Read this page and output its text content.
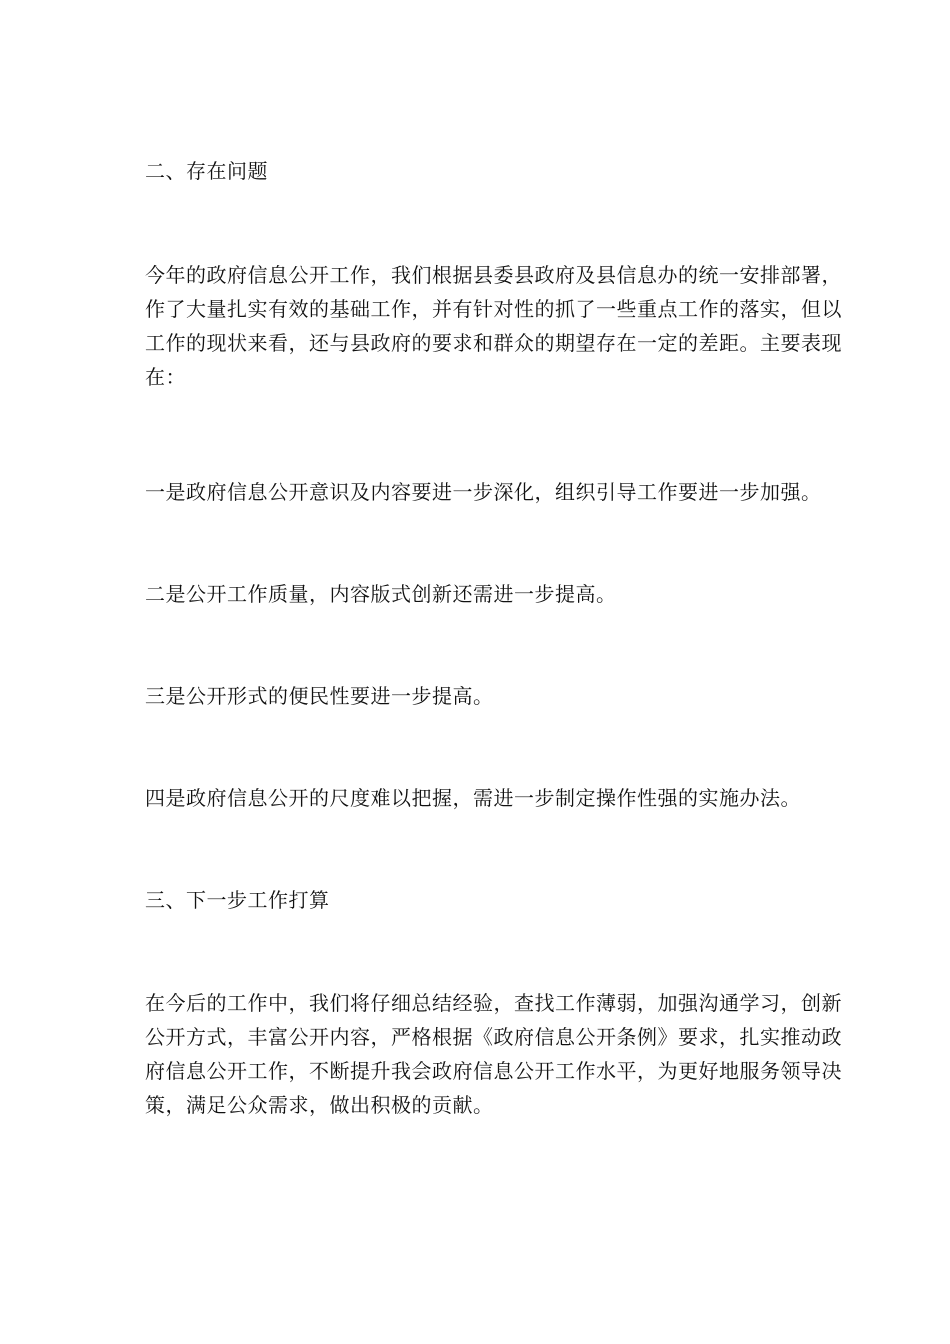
二、存在问题

今年的政府信息公开工作，我们根据县委县政府及县信息办的统一安排部署，
作了大量扎实有效的基础工作，并有针对性的抓了一些重点工作的落实，但以
工作的现状来看，还与县政府的要求和群众的期望存在一定的差距。主要表现
在：

一是政府信息公开意识及内容要进一步深化，组织引导工作要进一步加强。

二是公开工作质量，内容版式创新还需进一步提高。

三是公开形式的便民性要进一步提高。

四是政府信息公开的尺度难以把握，需进一步制定操作性强的实施办法。

三、下一步工作打算

在今后的工作中，我们将仔细总结经验，查找工作薄弱，加强沟通学习，创新
公开方式，丰富公开内容，严格根据《政府信息公开条例》要求，扎实推动政
府信息公开工作，不断提升我会政府信息公开工作水平，为更好地服务领导决
策，满足公众需求，做出积极的贡献。
